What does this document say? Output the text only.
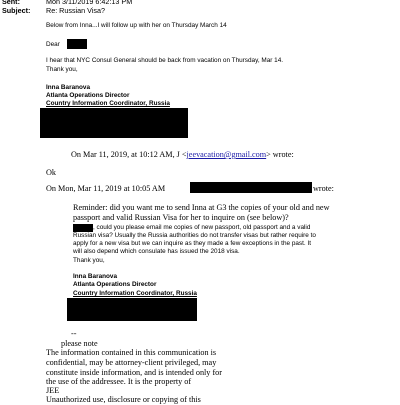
Sent:	Mon 3/11/2019 6:42:13 PM
Subject: Re: Russian Visa?
Below from Inna...I will follow up with her on Thursday March 14
Dear
I hear that NYC Consul General should be back from vacation on Thursday, Mar 14.
Thank you,
Inna Baranova
Atlanta Operations Director
Country Information Coordinator, Russia
On Mar 11, 2019, at 10:12 AM, J <jeevacation@gmail.com> wrote:
Ok
On Mon, Mar 11, 2019 at 10:05 AM	wrote:
Reminder: did you want me to send Inna at G3 the copies of your old and new
passport and valid Russian Visa for her to inquire on (see below)?
, could you please email me copies of new passport, old passport and a valid
Russian visa? Usually the Russia authorities do not transfer visas but rather require to
apply for a new visa but we can inquire as they made a few exceptions in the past. It
will also depend which consulate has issued the 2018 visa.
Thank you,
Inna Baranova
Atlanta Operations Director
Country Information Coordinator, Russia
--
please note
The information contained in this communication is
confidential, may be attorney-client privileged, may
constitute inside information, and is intended only for
the use of the addressee. It is the property of
JEE
Unauthorized use, disclosure or copying of this
